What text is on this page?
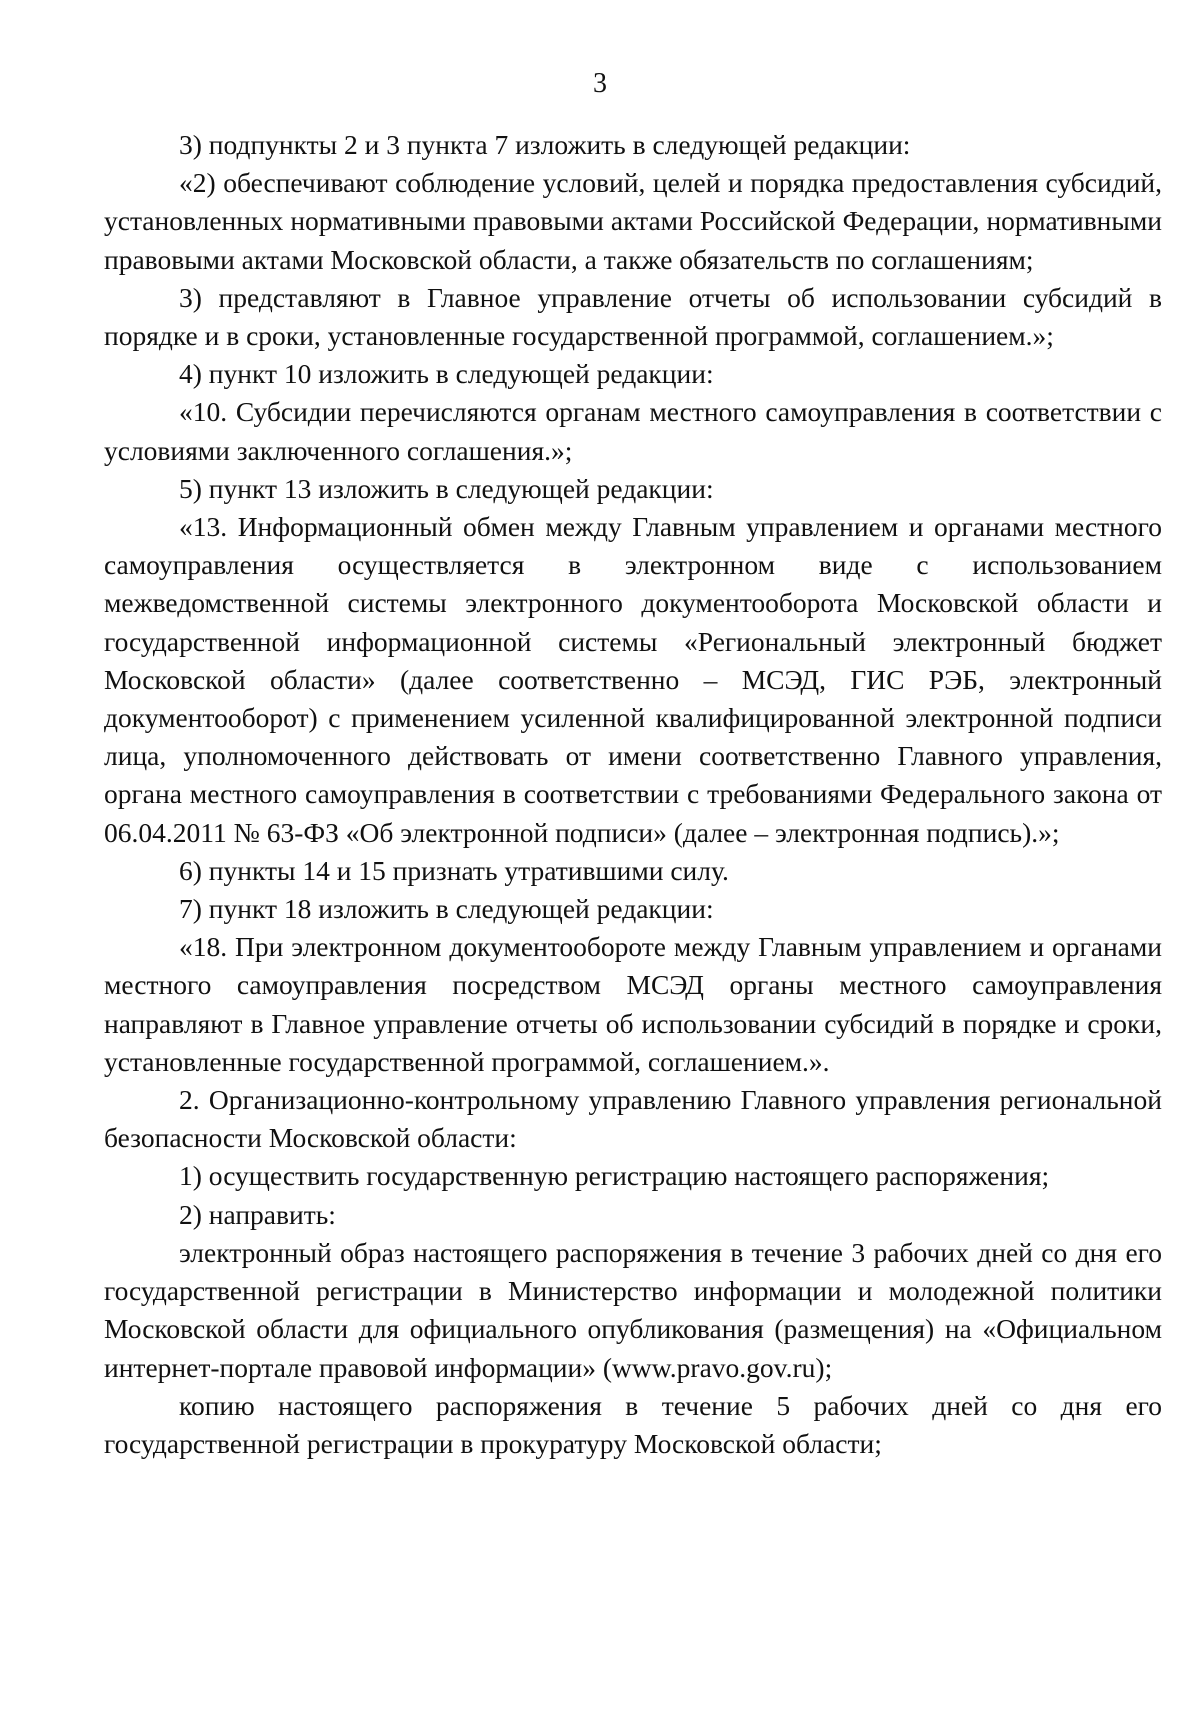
3

3) подпункты 2 и 3 пункта 7 изложить в следующей редакции:

«2) обеспечивают соблюдение условий, целей и порядка предоставления субсидий, установленных нормативными правовыми актами Российской Федерации, нормативными правовыми актами Московской области, а также обязательств по соглашениям;

3) представляют в Главное управление отчеты об использовании субсидий в порядке и в сроки, установленные государственной программой, соглашением.»;

4) пункт 10 изложить в следующей редакции:

«10. Субсидии перечисляются органам местного самоуправления в соответствии с условиями заключенного соглашения.»;

5) пункт 13 изложить в следующей редакции:

«13. Информационный обмен между Главным управлением и органами местного самоуправления осуществляется в электронном виде с использованием межведомственной системы электронного документооборота Московской области и государственной информационной системы «Региональный электронный бюджет Московской области» (далее соответственно – МСЭД, ГИС РЭБ, электронный документооборот) с применением усиленной квалифицированной электронной подписи лица, уполномоченного действовать от имени соответственно Главного управления, органа местного самоуправления в соответствии с требованиями Федерального закона от 06.04.2011 № 63-ФЗ «Об электронной подписи» (далее – электронная подпись).»;

6) пункты 14 и 15 признать утратившими силу.

7) пункт 18 изложить в следующей редакции:

«18. При электронном документообороте между Главным управлением и органами местного самоуправления посредством МСЭД органы местного самоуправления направляют в Главное управление отчеты об использовании субсидий в порядке и сроки, установленные государственной программой, соглашением.».

2. Организационно-контрольному управлению Главного управления региональной безопасности Московской области:

1) осуществить государственную регистрацию настоящего распоряжения;

2) направить:

электронный образ настоящего распоряжения в течение 3 рабочих дней со дня его государственной регистрации в Министерство информации и молодежной политики Московской области для официального опубликования (размещения) на «Официальном интернет-портале правовой информации» (www.pravo.gov.ru);

копию настоящего распоряжения в течение 5 рабочих дней со дня его государственной регистрации в прокуратуру Московской области;
